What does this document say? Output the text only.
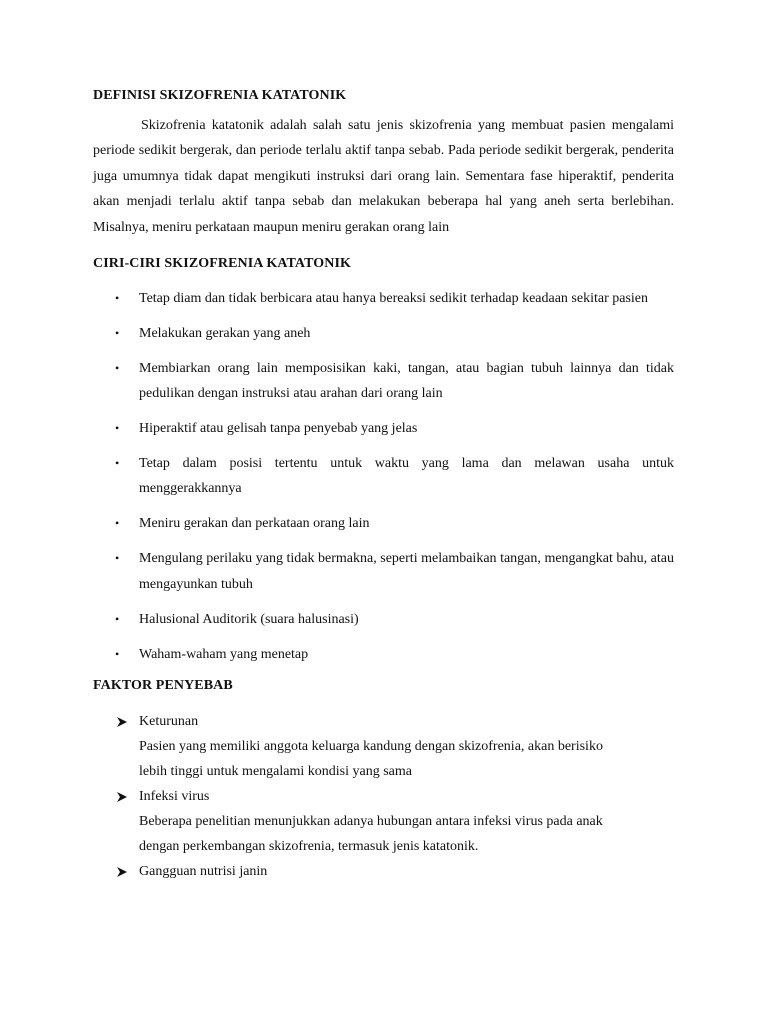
DEFINISI SKIZOFRENIA KATATONIK

Skizofrenia katatonik adalah salah satu jenis skizofrenia yang membuat pasien mengalami periode sedikit bergerak, dan periode terlalu aktif tanpa sebab. Pada periode sedikit bergerak, penderita juga umumnya tidak dapat mengikuti instruksi dari orang lain. Sementara fase hiperaktif, penderita akan menjadi terlalu aktif tanpa sebab dan melakukan beberapa hal yang aneh serta berlebihan. Misalnya, meniru perkataan maupun meniru gerakan orang lain

CIRI-CIRI SKIZOFRENIA KATATONIK
• Tetap diam dan tidak berbicara atau hanya bereaksi sedikit terhadap keadaan sekitar pasien
• Melakukan gerakan yang aneh
• Membiarkan orang lain memposisikan kaki, tangan, atau bagian tubuh lainnya dan tidak pedulikan dengan instruksi atau arahan dari orang lain
• Hiperaktif atau gelisah tanpa penyebab yang jelas
• Tetap dalam posisi tertentu untuk waktu yang lama dan melawan usaha untuk menggerakkannya
• Meniru gerakan dan perkataan orang lain
• Mengulang perilaku yang tidak bermakna, seperti melambaikan tangan, mengangkat bahu, atau mengayunkan tubuh
• Halusional Auditorik (suara halusinasi)
• Waham-waham yang menetap
FAKTOR PENYEBAB
Keturunan
Pasien yang memiliki anggota keluarga kandung dengan skizofrenia, akan berisiko
lebih tinggi untuk mengalami kondisi yang sama
Infeksi virus
Beberapa penelitian menunjukkan adanya hubungan antara infeksi virus pada anak
dengan perkembangan skizofrenia, termasuk jenis katatonik.
Gangguan nutrisi janin
